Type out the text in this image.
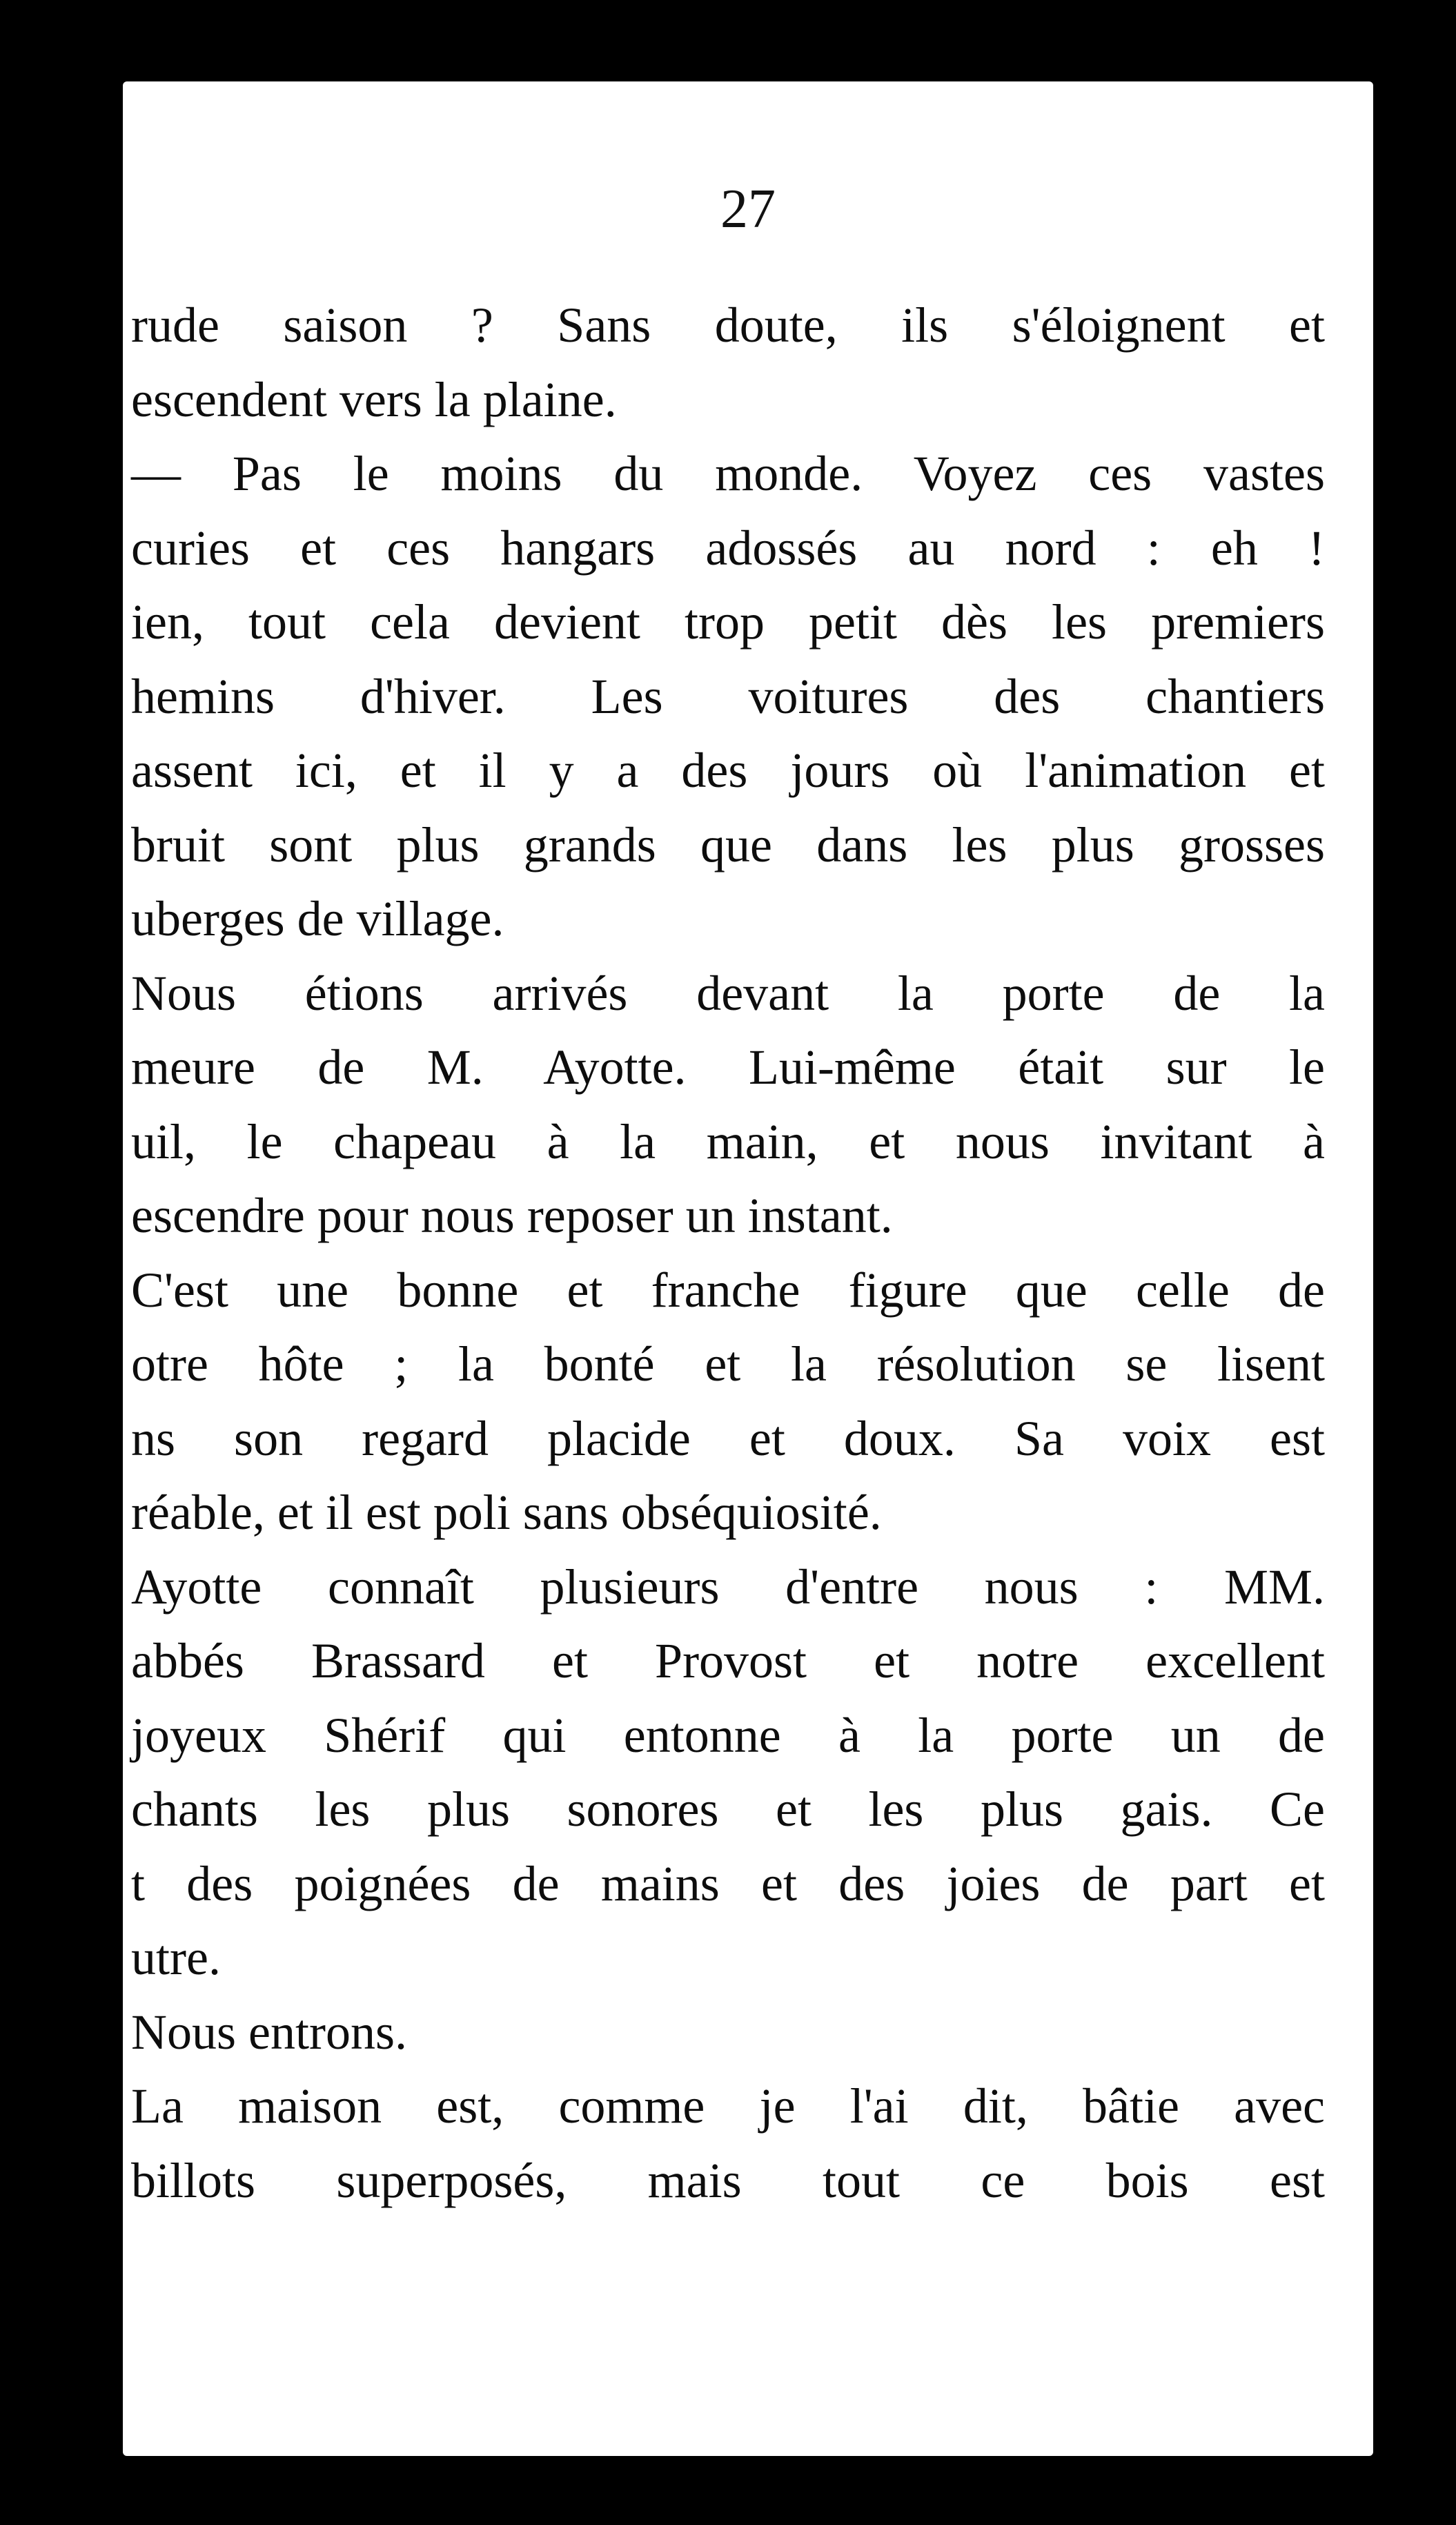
27
rude saison ? Sans doute, ils s'éloignent et
escendent vers la plaine.
— Pas le moins du monde. Voyez ces vastes
curies et ces hangars adossés au nord : eh !
ien, tout cela devient trop petit dès les premiers
hemins d'hiver. Les voitures des chantiers
assent ici, et il y a des jours où l'animation et
bruit sont plus grands que dans les plus grosses
uberges de village.
Nous étions arrivés devant la porte de la
meure de M. Ayotte. Lui-même était sur le
uil, le chapeau à la main, et nous invitant à
escendre pour nous reposer un instant.
C'est une bonne et franche figure que celle de
otre hôte ; la bonté et la résolution se lisent
ns son regard placide et doux. Sa voix est
réable, et il est poli sans obséquiosité.
Ayotte connaît plusieurs d'entre nous : MM.
abbés Brassard et Provost et notre excellent
joyeux Shérif qui entonne à la porte un de
chants les plus sonores et les plus gais. Ce
t des poignées de mains et des joies de part et
utre.
Nous entrons.
La maison est, comme je l'ai dit, bâtie avec
billots superposés, mais tout ce bois est
